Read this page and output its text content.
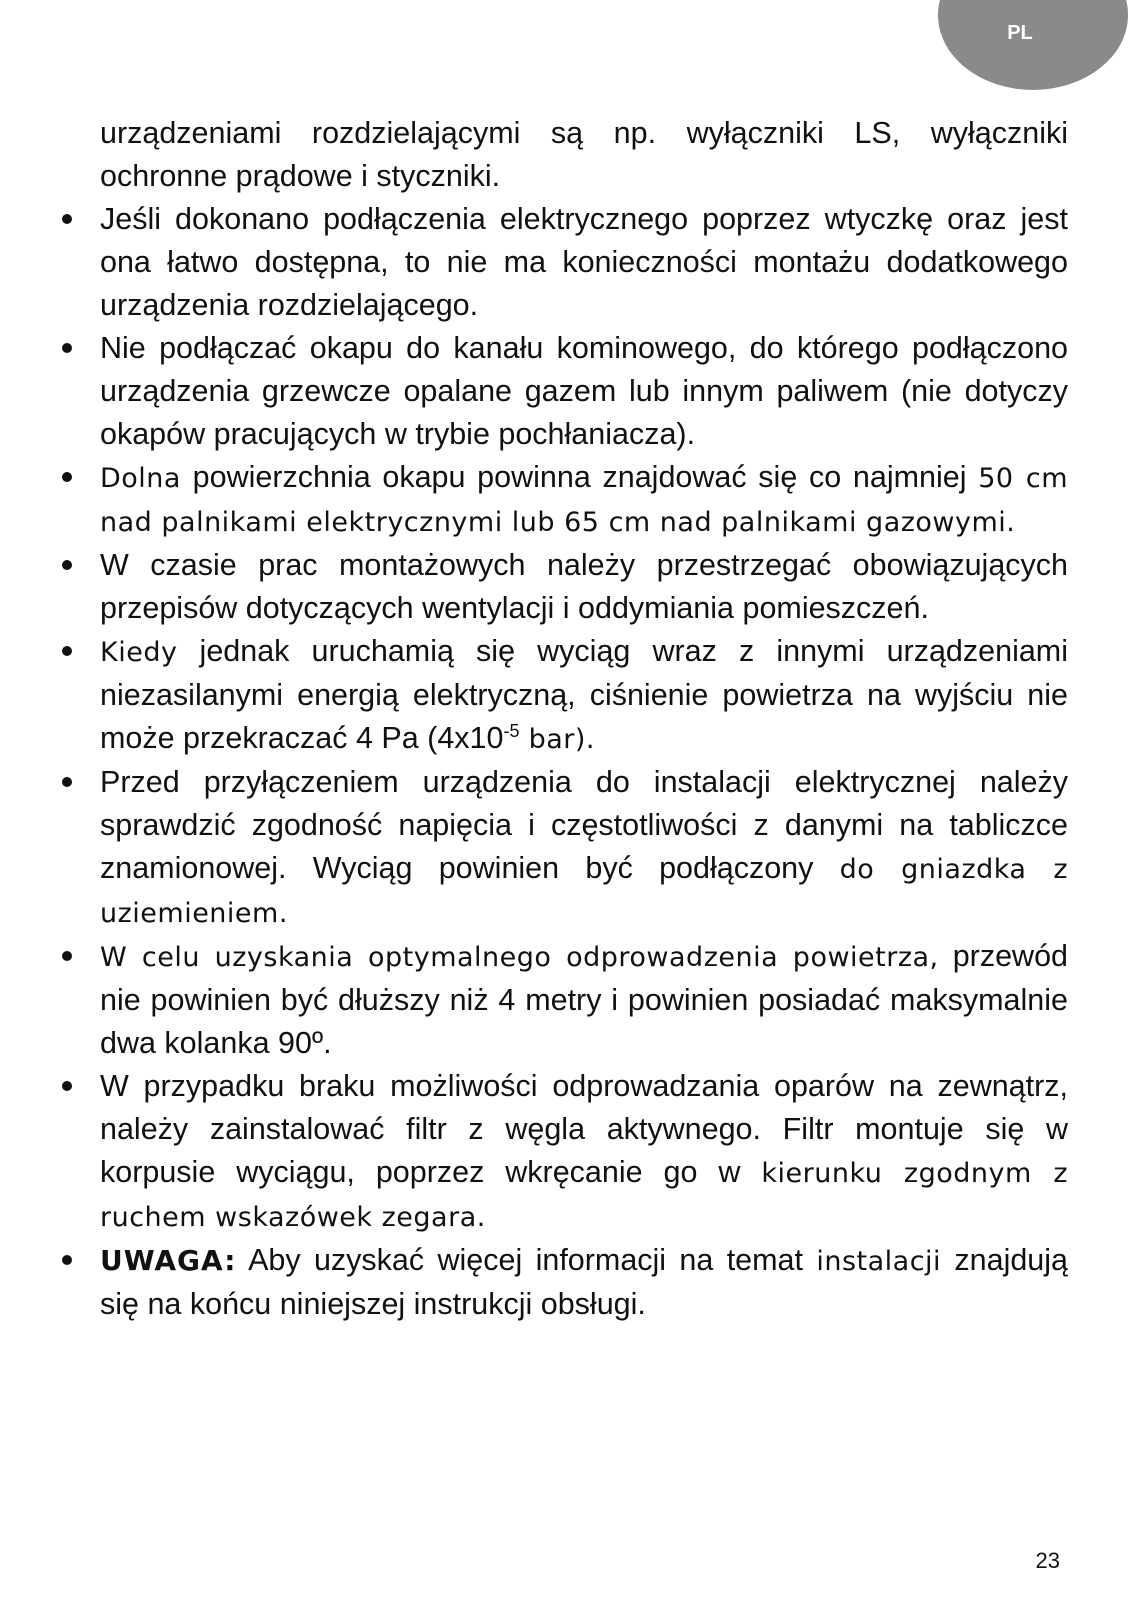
PL

urządzeniami rozdzielającymi są np. wyłączniki LS, wyłączniki ochronne prądowe i styczniki.

Jeśli dokonano podłączenia elektrycznego poprzez wtyczkę oraz jest ona łatwo dostępna, to nie ma konieczności montażu dodatkowego urządzenia rozdzielającego.
Nie podłączać okapu do kanału kominowego, do którego podłączono urządzenia grzewcze opalane gazem lub innym paliwem (nie dotyczy okapów pracujących w trybie pochłaniacza).
Dolna powierzchnia okapu powinna znajdować się co najmniej 50 cm nad palnikami elektrycznymi lub 65 cm nad palnikami gazowymi.
W czasie prac montażowych należy przestrzegać obowiązujących przepisów dotyczących wentylacji i oddymiania pomieszczeń.
Kiedy jednak uruchamią się wyciąg wraz z innymi urządzeniami niezasilanymi energią elektryczną, ciśnienie powietrza na wyjściu nie może przekraczać 4 Pa ($4x10^{-5}$ bar).
Przed przyłączeniem urządzenia do instalacji elektrycznej należy sprawdzić zgodność napięcia i częstotliwości z danymi na tabliczce znamionowej. Wyciąg powinien być podłączony do gniazdka z uziemieniem.
W celu uzyskania optymalnego odprowadzenia powietrza, przewód nie powinien być dłuższy niż 4 metry i powinien posiadać maksymalnie dwa kolanka 90º.
W przypadku braku możliwości odprowadzania oparów na zewnątrz, należy zainstalować filtr z węgla aktywnego. Filtr montuje się w korpusie wyciągu, poprzez wkręcanie go w kierunku zgodnym z ruchem wskazówek zegara.
UWAGA: Aby uzyskać więcej informacji na temat instalacji znajdują się na końcu niniejszej instrukcji obsługi.
23
